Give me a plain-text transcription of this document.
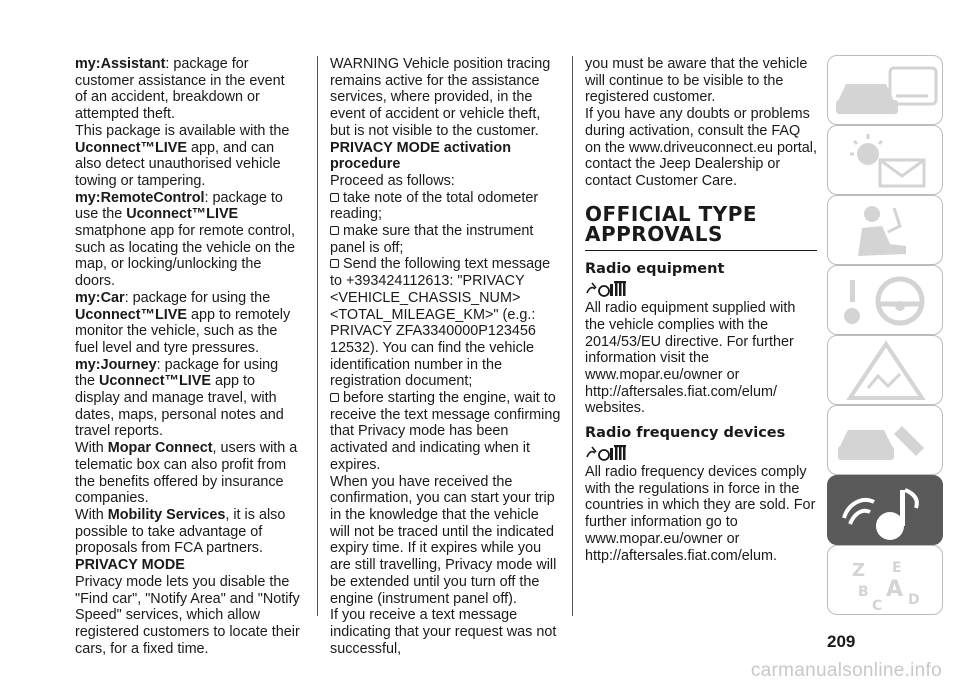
my:Assistant: package for customer assistance in the event of an accident, breakdown or attempted theft.

This package is available with the
Uconnect™LIVE app, and can also detect unauthorised vehicle towing or tampering.

my:RemoteControl: package to use the Uconnect™LIVE smatphone app for remote control, such as locating the vehicle on the map, or locking/unlocking the doors.

my:Car: package for using the Uconnect™LIVE app to remotely monitor the vehicle, such as the fuel level and tyre pressures.

my:Journey: package for using the Uconnect™LIVE app to display and manage travel, with dates, maps, personal notes and travel reports.

With Mopar Connect, users with a telematic box can also profit from the benefits offered by insurance companies.

With Mobility Services, it is also possible to take advantage of proposals from FCA partners.

PRIVACY MODE

Privacy mode lets you disable the "Find car", "Notify Area" and "Notify Speed" services, which allow registered customers to locate their cars, for a fixed time.

WARNING Vehicle position tracing remains active for the assistance services, where provided, in the event of accident or vehicle theft, but is not visible to the customer.

PRIVACY MODE activation procedure

Proceed as follows:

take note of the total odometer reading;

make sure that the instrument panel is off;

Send the following text message to +393424112613: "PRIVACY <VEHICLE_CHASSIS_NUM> <TOTAL_MILEAGE_KM>" (e.g.: PRIVACY ZFA3340000P123456 12532). You can find the vehicle identification number in the registration document;

before starting the engine, wait to receive the text message confirming that Privacy mode has been activated and indicating when it expires.

When you have received the confirmation, you can start your trip in the knowledge that the vehicle will not be traced until the indicated expiry time. If it expires while you are still travelling, Privacy mode will be extended until you turn off the engine (instrument panel off).

If you receive a text message indicating that your request was not successful,

you must be aware that the vehicle will continue to be visible to the registered customer.

If you have any doubts or problems during activation, consult the FAQ on the www.driveuconnect.eu portal, contact the Jeep Dealership or contact Customer Care.

OFFICIAL TYPE APPROVALS

Radio equipment

All radio equipment supplied with the vehicle complies with the 2014/53/EU directive. For further information visit the www.mopar.eu/owner or http://aftersales.fiat.com/elum/ websites.

Radio frequency devices

All radio frequency devices comply with the regulations in force in the countries in which they are sold. For further information go to www.mopar.eu/owner or http://aftersales.fiat.com/elum.

Z E
B A
C D
209
carmanualsonline.info
